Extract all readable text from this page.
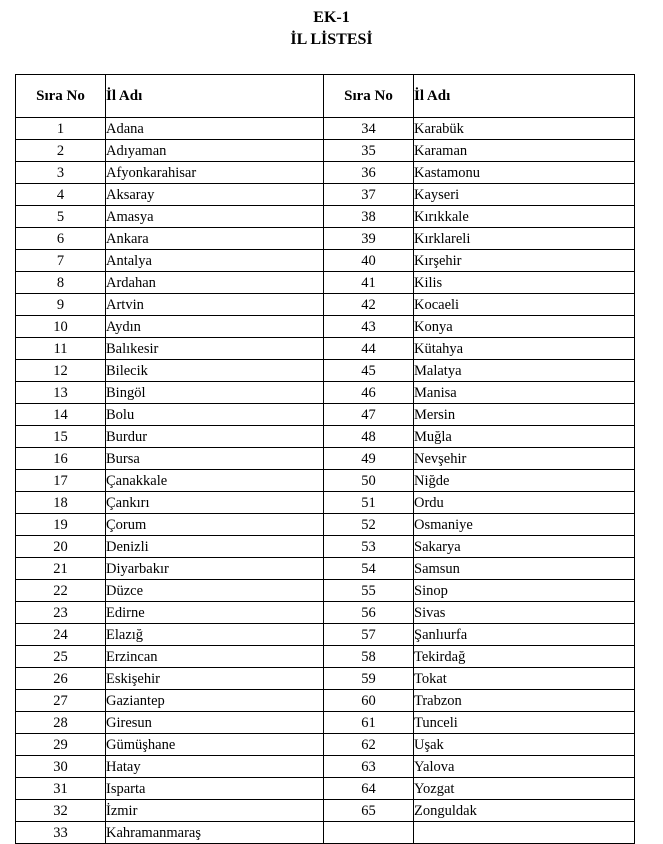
EK-1
İL LİSTESİ
Sıra No	İl Adı	Sıra No	İl Adı
1	Adana	34	Karabük
2	Adıyaman	35	Karaman
3	Afyonkarahisar	36	Kastamonu
4	Aksaray	37	Kayseri
5	Amasya	38	Kırıkkale
6	Ankara	39	Kırklareli
7	Antalya	40	Kırşehir
8	Ardahan	41	Kilis
9	Artvin	42	Kocaeli
10	Aydın	43	Konya
11	Balıkesir	44	Kütahya
12	Bilecik	45	Malatya
13	Bingöl	46	Manisa
14	Bolu	47	Mersin
15	Burdur	48	Muğla
16	Bursa	49	Nevşehir
17	Çanakkale	50	Niğde
18	Çankırı	51	Ordu
19	Çorum	52	Osmaniye
20	Denizli	53	Sakarya
21	Diyarbakır	54	Samsun
22	Düzce	55	Sinop
23	Edirne	56	Sivas
24	Elazığ	57	Şanlıurfa
25	Erzincan	58	Tekirdağ
26	Eskişehir	59	Tokat
27	Gaziantep	60	Trabzon
28	Giresun	61	Tunceli
29	Gümüşhane	62	Uşak
30	Hatay	63	Yalova
31	Isparta	64	Yozgat
32	İzmir	65	Zonguldak
33	Kahramanmaraş		
